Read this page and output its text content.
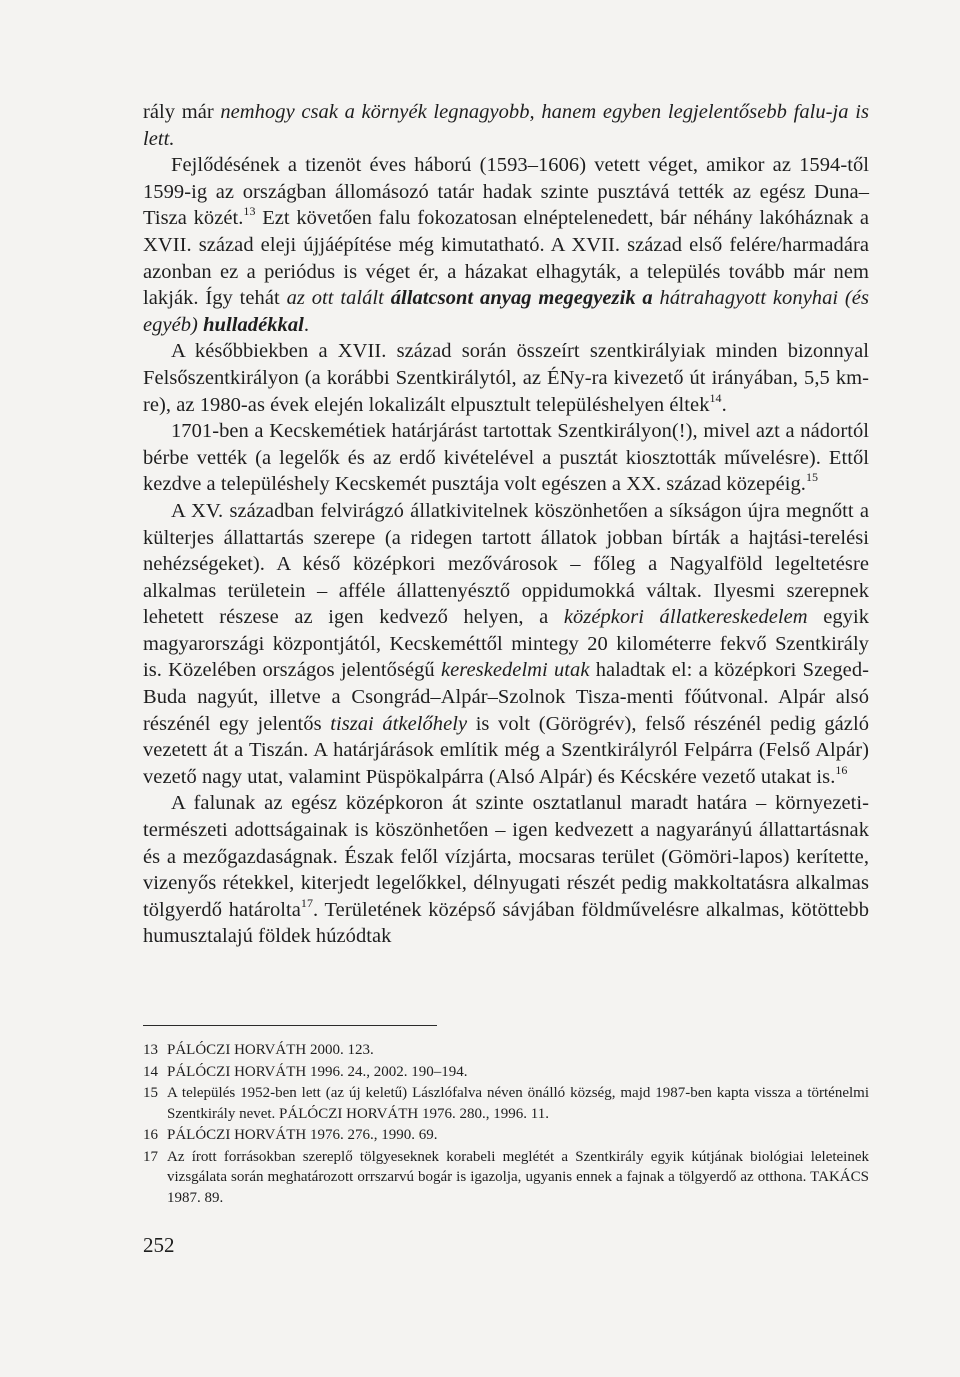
rály már nemhogy csak a környék legnagyobb, hanem egyben legjelentősebb falu-ja is lett.

Fejlődésének a tizenöt éves háború (1593–1606) vetett véget, amikor az 1594-től 1599-ig az országban állomásozó tatár hadak szinte pusztává tették az egész Duna–Tisza közét.$^{13}$ Ezt követően falu fokozatosan elnéptelenedett, bár néhány lakóháznak a XVII. század eleji újjáépítése még kimutatható. A XVII. század első felére/harmadára azonban ez a periódus is véget ér, a házakat elhagyták, a település tovább már nem lakják. Így tehát az ott talált állatcsont anyag megegyezik a hátrahagyott konyhai (és egyéb) hulladékkal.

A későbbiekben a XVII. század során összeírt szentkirályiak minden bizonnyal Felsőszentkirályon (a korábbi Szentkirálytól, az ÉNy-ra kivezető út irányában, 5,5 km-re), az 1980-as évek elején lokalizált elpusztult településhelyen éltek$^{14}$.

1701-ben a Kecskemétiek határjárást tartottak Szentkirályon(!), mivel azt a nádortól bérbe vették (a legelők és az erdő kivételével a pusztát kiosztották művelésre). Ettől kezdve a településhely Kecskemét pusztája volt egészen a XX. század közepéig.$^{15}$

A XV. században felvirágzó állatkivitelnek köszönhetően a síkságon újra megnőtt a külterjes állattartás szerepe (a ridegen tartott állatok jobban bírták a hajtási-terelési nehézségeket). A késő középkori mezővárosok – főleg a Nagyalföld legeltetésre alkalmas területein – afféle állattenyésztő oppidumokká váltak. Ilyesmi szerepnek lehetett részese az igen kedvező helyen, a középkori állatkereskedelem egyik magyarországi központjától, Kecskeméttől mintegy 20 kilométerre fekvő Szentkirály is. Közelében országos jelentőségű kereskedelmi utak haladtak el: a középkori Szeged-Buda nagyút, illetve a Csongrád–Alpár–Szolnok Tisza-menti főútvonal. Alpár alsó részénél egy jelentős tiszai átkelőhely is volt (Görögrév), felső részénél pedig gázló vezetett át a Tiszán. A határjárások említik még a Szentkirályról Felpárra (Felső Alpár) vezető nagy utat, valamint Püspökalpárra (Alsó Alpár) és Kécskére vezető utakat is.$^{16}$

A falunak az egész középkoron át szinte osztatlanul maradt határa – környezeti-természeti adottságainak is köszönhetően – igen kedvezett a nagyarányú állattartásnak és a mezőgazdaságnak. Észak felől vízjárta, mocsaras terület (Gömöri-lapos) kerítette, vizenyős rétekkel, kiterjedt legelőkkel, délnyugati részét pedig makkoltatásra alkalmas tölgyerdő határolta$^{17}$. Területének középső sávjában földművelésre alkalmas, kötöttebb humusztalajú földek húzódtak

13 PÁLÓCZI HORVÁTH 2000. 123.
14 PÁLÓCZI HORVÁTH 1996. 24., 2002. 190–194.
15 A település 1952-ben lett (az új keletű) Lászlófalva néven önálló község, majd 1987-ben kapta vissza a történelmi Szentkirály nevet. PÁLÓCZI HORVÁTH 1976. 280., 1996. 11.
16 PÁLÓCZI HORVÁTH 1976. 276., 1990. 69.
17 Az írott forrásokban szereplő tölgyeseknek korabeli meglétét a Szentkirály egyik kútjának biológiai leleteinek vizsgálata során meghatározott orrszarvú bogár is igazolja, ugyanis ennek a fajnak a tölgyerdő az otthona. TAKÁCS 1987. 89.
252
